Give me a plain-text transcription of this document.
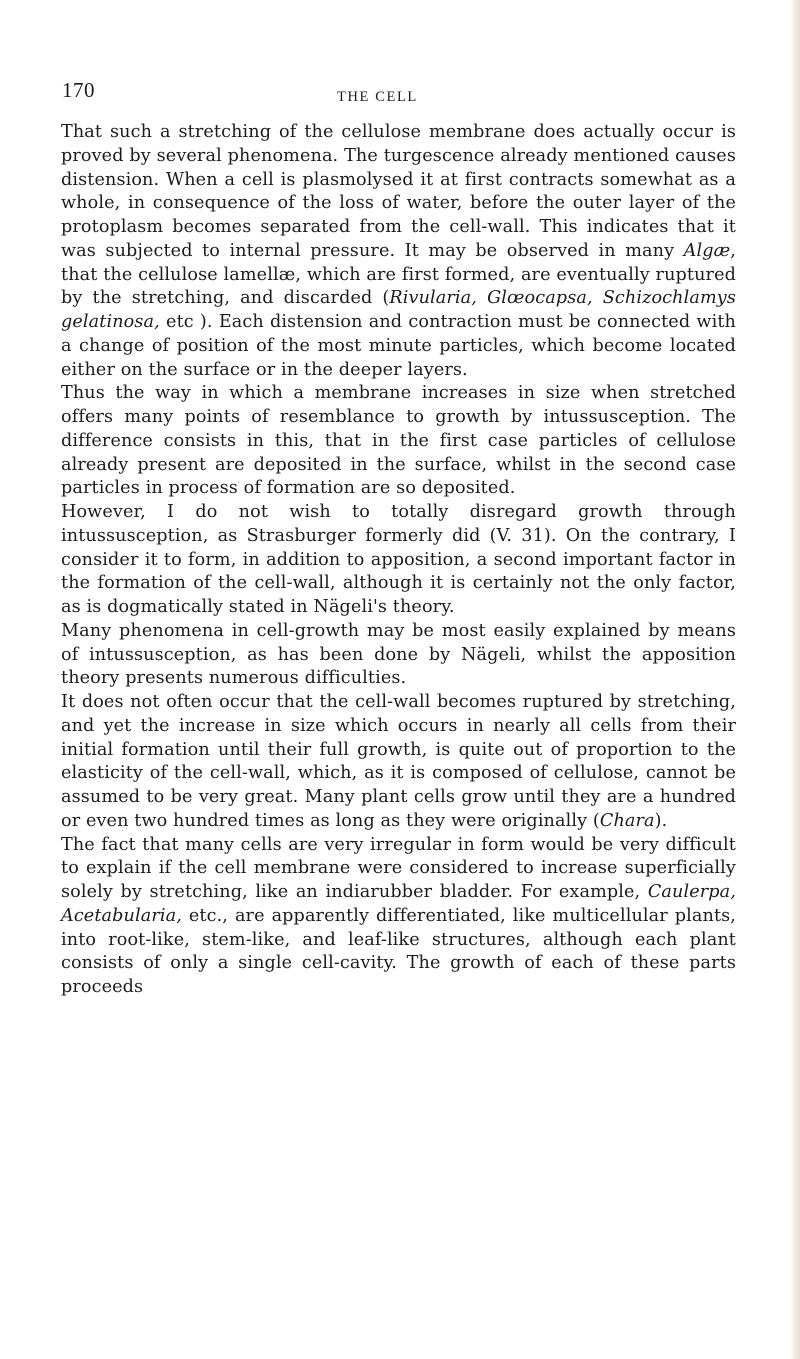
170	THE CELL

That such a stretching of the cellulose membrane does actually occur is proved by several phenomena. The turgescence already mentioned causes distension. When a cell is plasmolysed it at first contracts somewhat as a whole, in consequence of the loss of water, before the outer layer of the protoplasm becomes separated from the cell-wall. This indicates that it was subjected to internal pressure. It may be observed in many Algæ, that the cellulose lamellæ, which are first formed, are eventually ruptured by the stretching, and discarded (Rivularia, Glœocapsa, Schizochlamys gelatinosa, etc ). Each distension and contraction must be connected with a change of position of the most minute particles, which become located either on the surface or in the deeper layers.

Thus the way in which a membrane increases in size when stretched offers many points of resemblance to growth by intussusception. The difference consists in this, that in the first case particles of cellulose already present are deposited in the surface, whilst in the second case particles in process of formation are so deposited.

However, I do not wish to totally disregard growth through intussusception, as Strasburger formerly did (V. 31). On the contrary, I consider it to form, in addition to apposition, a second important factor in the formation of the cell-wall, although it is certainly not the only factor, as is dogmatically stated in Nägeli's theory.

Many phenomena in cell-growth may be most easily explained by means of intussusception, as has been done by Nägeli, whilst the apposition theory presents numerous difficulties.

It does not often occur that the cell-wall becomes ruptured by stretching, and yet the increase in size which occurs in nearly all cells from their initial formation until their full growth, is quite out of proportion to the elasticity of the cell-wall, which, as it is composed of cellulose, cannot be assumed to be very great. Many plant cells grow until they are a hundred or even two hundred times as long as they were originally (Chara).

The fact that many cells are very irregular in form would be very difficult to explain if the cell membrane were considered to increase superficially solely by stretching, like an indiarubber bladder. For example, Caulerpa, Acetabularia, etc., are apparently differentiated, like multicellular plants, into root-like, stem-like, and leaf-like structures, although each plant consists of only a single cell-cavity. The growth of each of these parts proceeds
